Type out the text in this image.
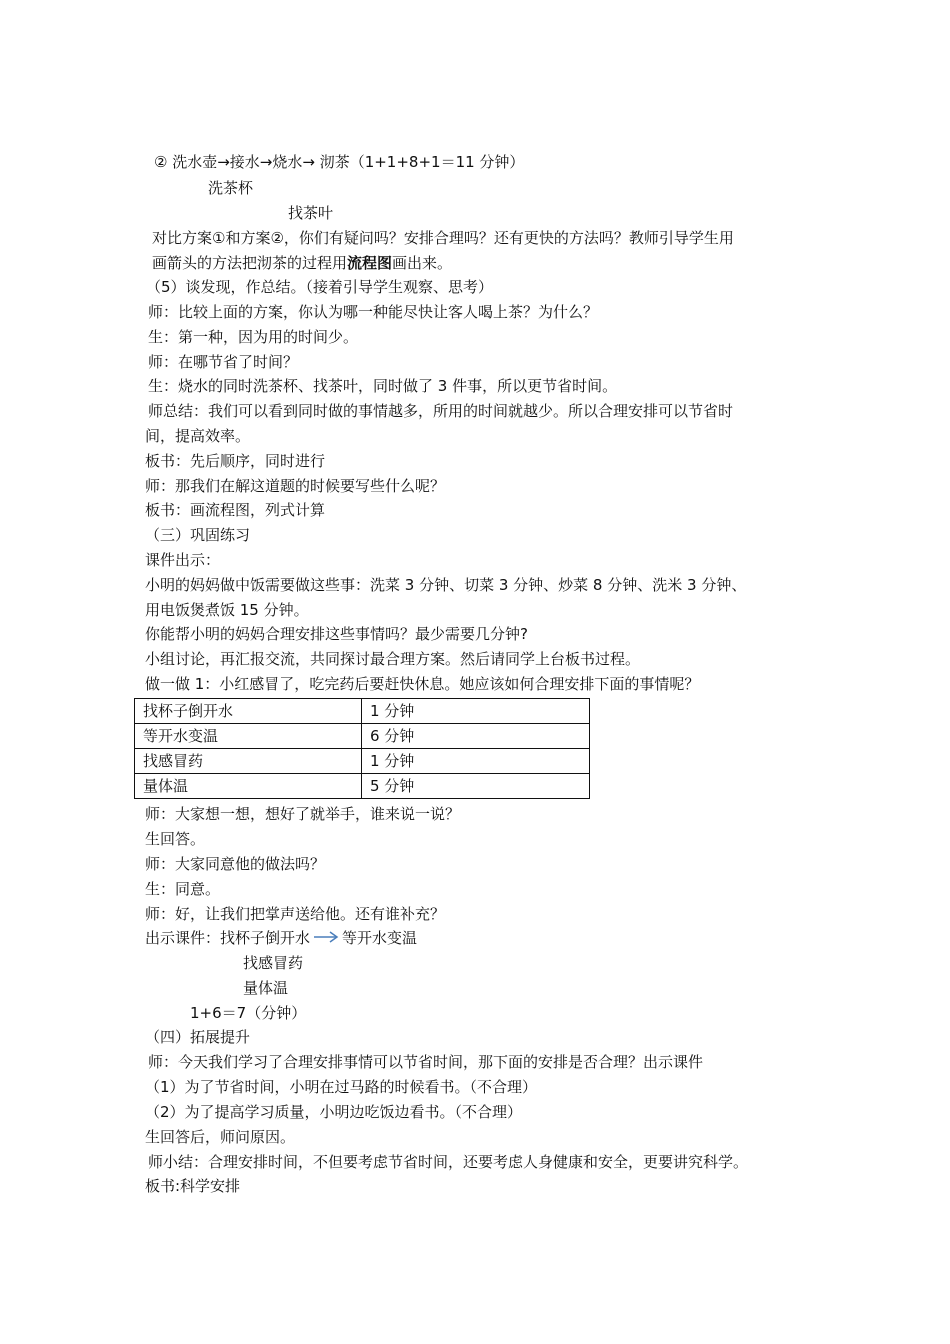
② 洗水壶→接水→烧水→ 沏茶（1+1+8+1＝11 分钟）
洗茶杯
找茶叶
对比方案①和方案②，你们有疑问吗？安排合理吗？还有更快的方法吗？教师引导学生用
画箭头的方法把沏茶的过程用流程图画出来。
（5）谈发现，作总结。（接着引导学生观察、思考）
师：比较上面的方案，你认为哪一种能尽快让客人喝上茶？为什么？
生：第一种，因为用的时间少。
师：在哪节省了时间？
生：烧水的同时洗茶杯、找茶叶，同时做了 3 件事，所以更节省时间。
师总结：我们可以看到同时做的事情越多，所用的时间就越少。所以合理安排可以节省时
间，提高效率。
板书：先后顺序，同时进行
师：那我们在解这道题的时候要写些什么呢？
板书：画流程图，列式计算
（三）巩固练习
课件出示：
小明的妈妈做中饭需要做这些事：洗菜 3 分钟、切菜 3 分钟、炒菜 8 分钟、洗米 3 分钟、
用电饭煲煮饭 15 分钟。
你能帮小明的妈妈合理安排这些事情吗？最少需要几分钟?
小组讨论，再汇报交流，共同探讨最合理方案。然后请同学上台板书过程。
做一做 1：小红感冒了，吃完药后要赶快休息。她应该如何合理安排下面的事情呢？
找杯子倒开水	1 分钟
等开水变温	6 分钟
找感冒药	1 分钟
量体温	5 分钟
师：大家想一想，想好了就举手，谁来说一说？
生回答。
师：大家同意他的做法吗？
生：同意。
师：好，让我们把掌声送给他。还有谁补充？
出示课件：找杯子倒开水 等开水变温
找感冒药
量体温
1+6＝7（分钟）
（四）拓展提升
师：今天我们学习了合理安排事情可以节省时间，那下面的安排是否合理？出示课件
（1）为了节省时间，小明在过马路的时候看书。（不合理）
（2）为了提高学习质量，小明边吃饭边看书。（不合理）
生回答后，师问原因。
师小结：合理安排时间，不但要考虑节省时间，还要考虑人身健康和安全，更要讲究科学。
板书:科学安排
